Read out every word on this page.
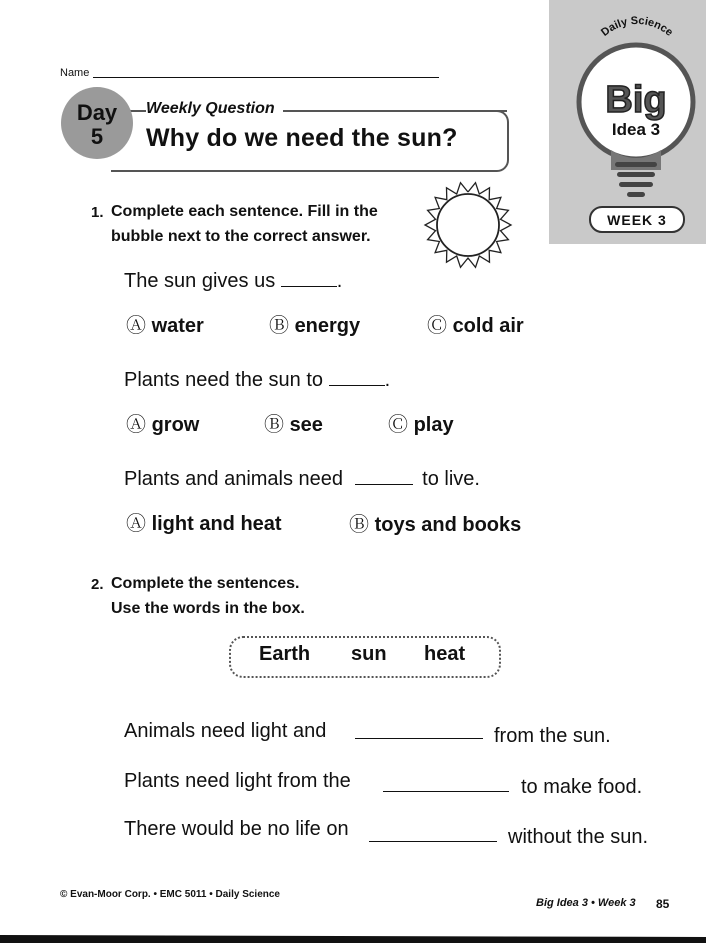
Daily Science
Big
Idea 3
WEEK 3
Name
Weekly Question
Why do we need the sun?
Day
5
1. Complete each sentence. Fill in the
bubble next to the correct answer.
The sun gives us	.
Ⓐ water	Ⓑ energy	Ⓒ cold air
Plants need the sun to	.
Ⓐ grow	Ⓑ see	Ⓒ play
Plants and animals need	to live.
Ⓐ light and heat	Ⓑ toys and books
2. Complete the sentences.
Use the words in the box.
Earth sun heat
Animals need light and	from the sun.
Plants need light from the	to make food.
There would be no life on	without the sun.
© Evan-Moor Corp. • EMC 5011 • Daily Science
Big Idea 3 • Week 3 85
